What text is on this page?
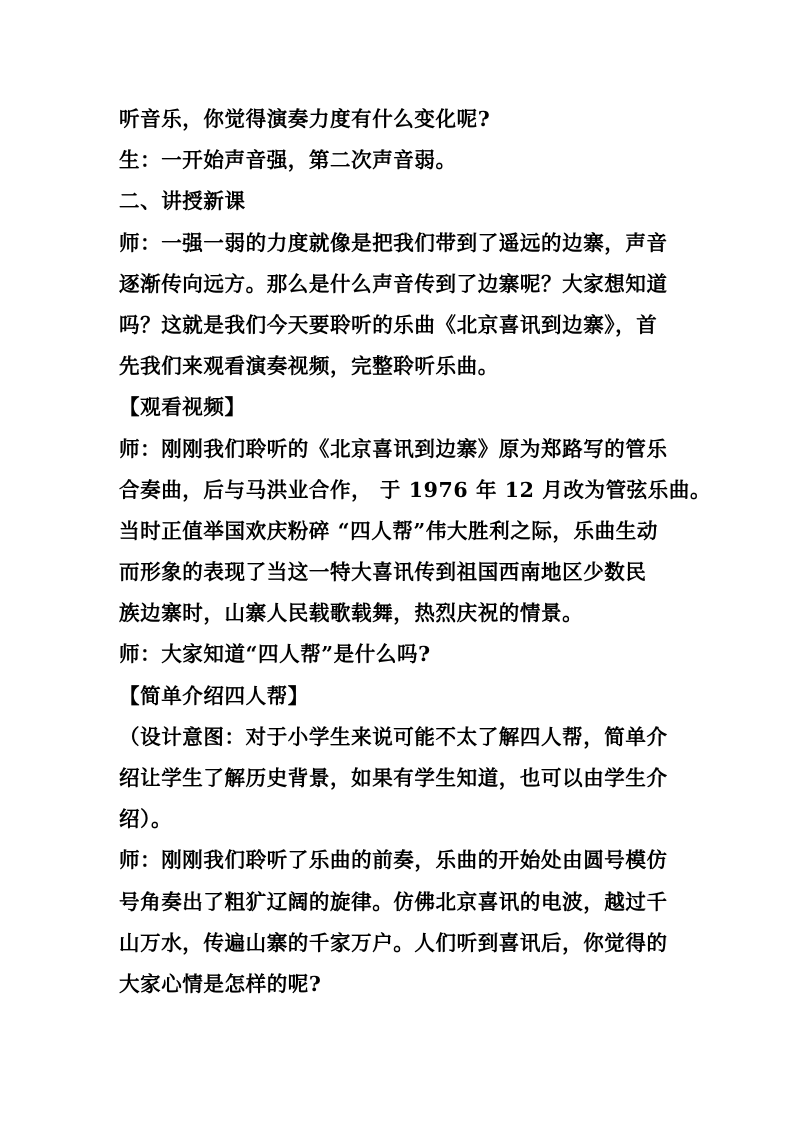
听音乐，你觉得演奏力度有什么变化呢?
生：一开始声音强，第二次声音弱。
二、讲授新课
师：一强一弱的力度就像是把我们带到了遥远的边寨，声音
逐渐传向远方。那么是什么声音传到了边寨呢？大家想知道
吗？这就是我们今天要聆听的乐曲《北京喜讯到边寨》，首
先我们来观看演奏视频，完整聆听乐曲。
【观看视频】
师：刚刚我们聆听的《北京喜讯到边寨》原为郑路写的管乐
合奏曲，后与马洪业合作， 于 1976 年 12 月改为管弦乐曲。
当时正值举国欢庆粉碎 “四人帮”伟大胜利之际，乐曲生动
而形象的表现了当这一特大喜讯传到祖国西南地区少数民
族边寨时，山寨人民载歌载舞，热烈庆祝的情景。
师：大家知道“四人帮”是什么吗?
【简单介绍四人帮】
（设计意图：对于小学生来说可能不太了解四人帮，简单介
绍让学生了解历史背景，如果有学生知道，也可以由学生介
绍）。
师：刚刚我们聆听了乐曲的前奏，乐曲的开始处由圆号模仿
号角奏出了粗犷辽阔的旋律。仿佛北京喜讯的电波，越过千
山万水，传遍山寨的千家万户。人们听到喜讯后，你觉得的
大家心情是怎样的呢?
